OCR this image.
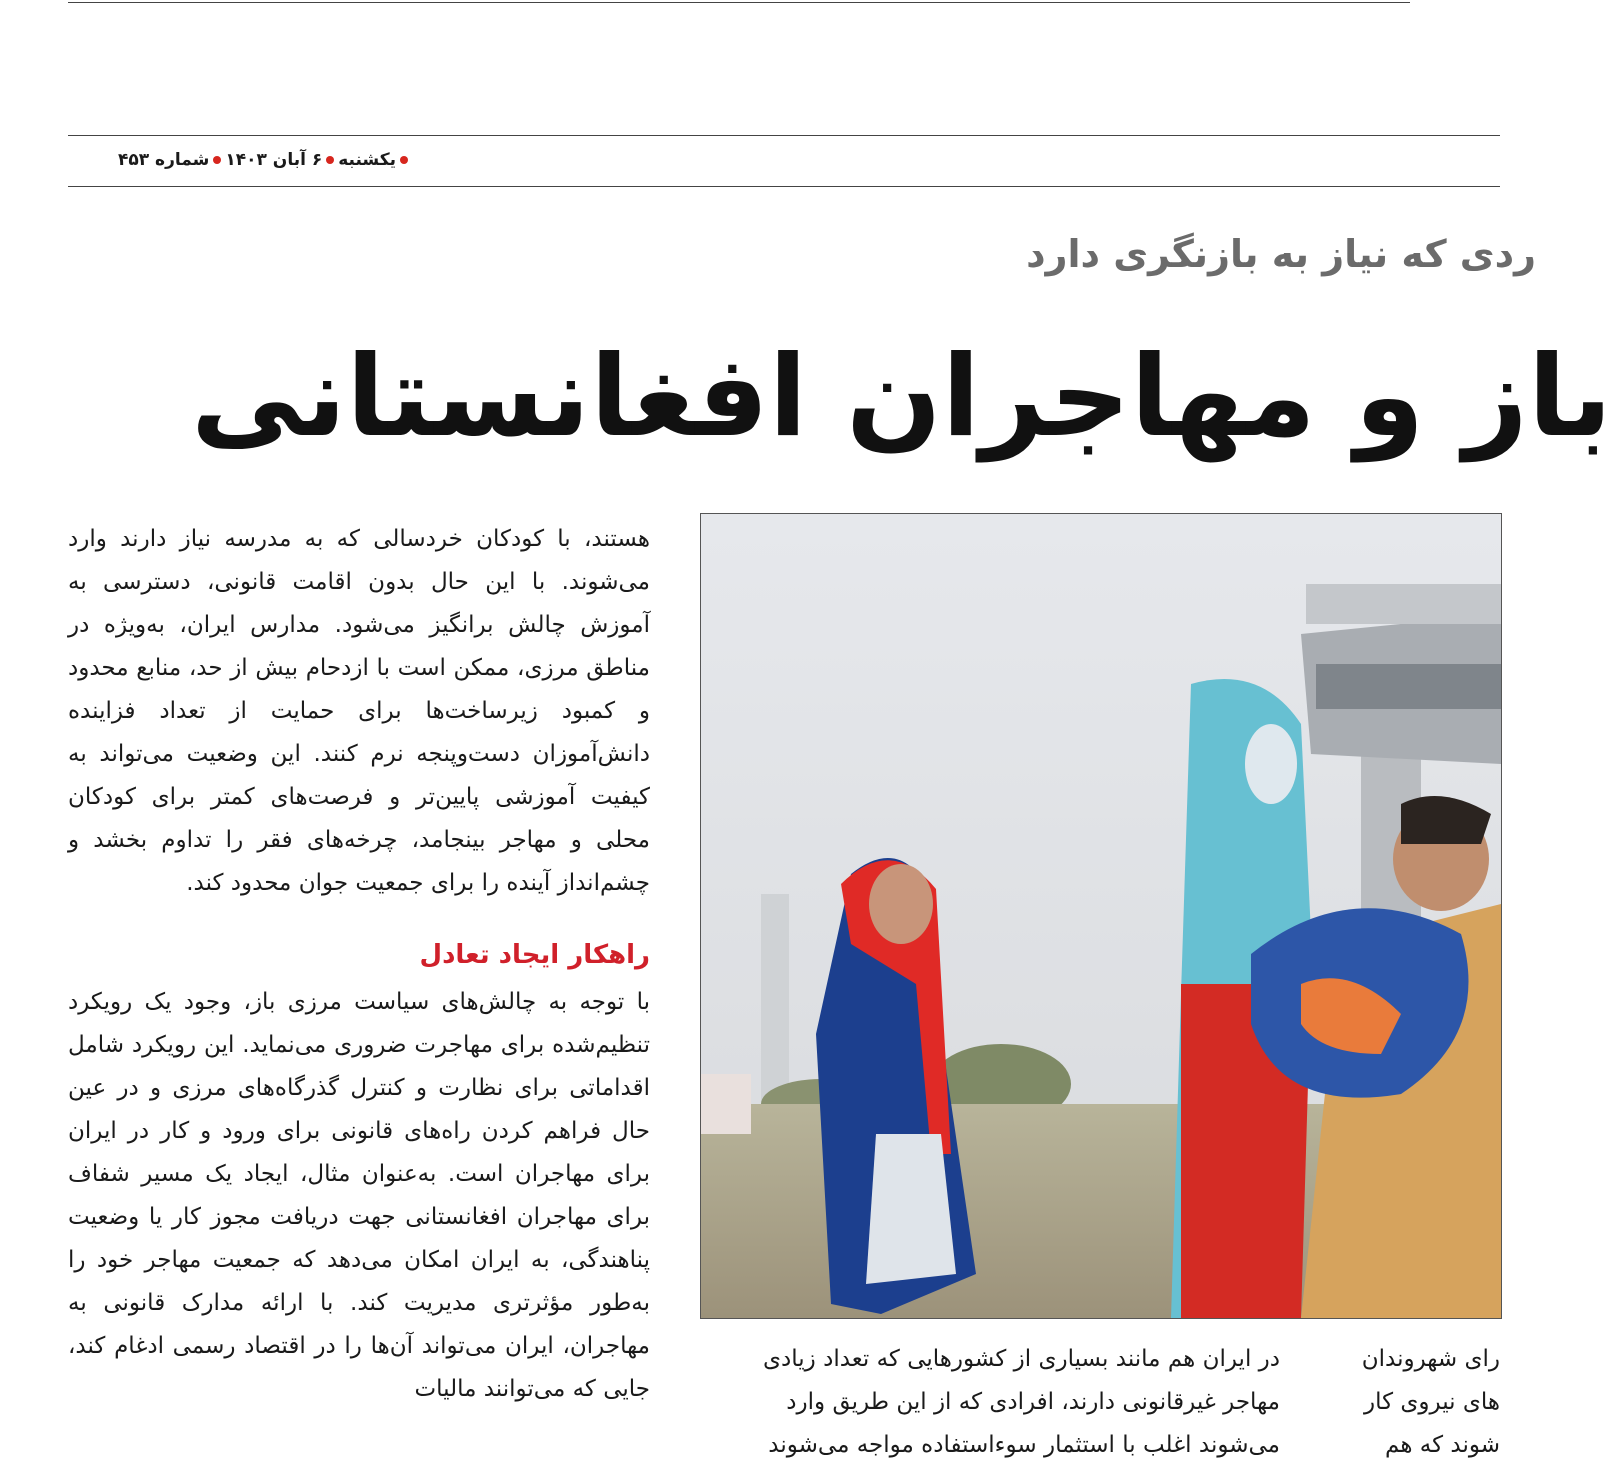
یکشنبه
۶ آبان ۱۴۰۳
شماره ۴۵۳
ردی که نیاز به بازنگری دارد
باز و مهاجران افغانستانی

هستند، با کودکان خردسالی که به مدرسه نیاز دارند وارد می‌شوند. با این حال بدون اقامت قانونی، دسترسی به آموزش چالش برانگیز می‌شود. مدارس ایران، به‌ویژه در مناطق مرزی، ممکن است با ازدحام بیش از حد، منابع محدود و کمبود زیرساخت‌ها برای حمایت از تعداد فزاینده دانش‌آموزان دست‌وپنجه نرم کنند. این وضعیت می‌تواند به کیفیت آموزشی پایین‌تر و فرصت‌های کمتر برای کودکان محلی و مهاجر بینجامد، چرخه‌های فقر را تداوم بخشد و چشم‌انداز آینده را برای جمعیت جوان محدود کند.

راهکار ایجاد تعادل

با توجه به چالش‌های سیاست مرزی باز، وجود یک رویکرد تنظیم‌شده برای مهاجرت ضروری می‌نماید. این رویکرد شامل اقداماتی برای نظارت و کنترل گذرگاه‌های مرزی و در عین حال فراهم کردن راه‌های قانونی برای ورود و کار در ایران برای مهاجران است. به‌عنوان مثال، ایجاد یک مسیر شفاف برای مهاجران افغانستانی جهت دریافت مجوز کار یا وضعیت پناهندگی، به ایران امکان می‌دهد که جمعیت مهاجر خود را به‌طور مؤثرتری مدیریت کند. با ارائه مدارک قانونی به مهاجران، ایران می‌تواند آن‌ها را در اقتصاد رسمی ادغام کند، جایی که می‌توانند مالیات

در ایران هم مانند بسیاری از کشورهایی که تعداد زیادی
مهاجر غیرقانونی دارند، افرادی که از این طریق وارد
می‌شوند اغلب با استثمار سوءاستفاده مواجه می‌شوند
رای شهروندان
های نیروی کار
شوند که هم
